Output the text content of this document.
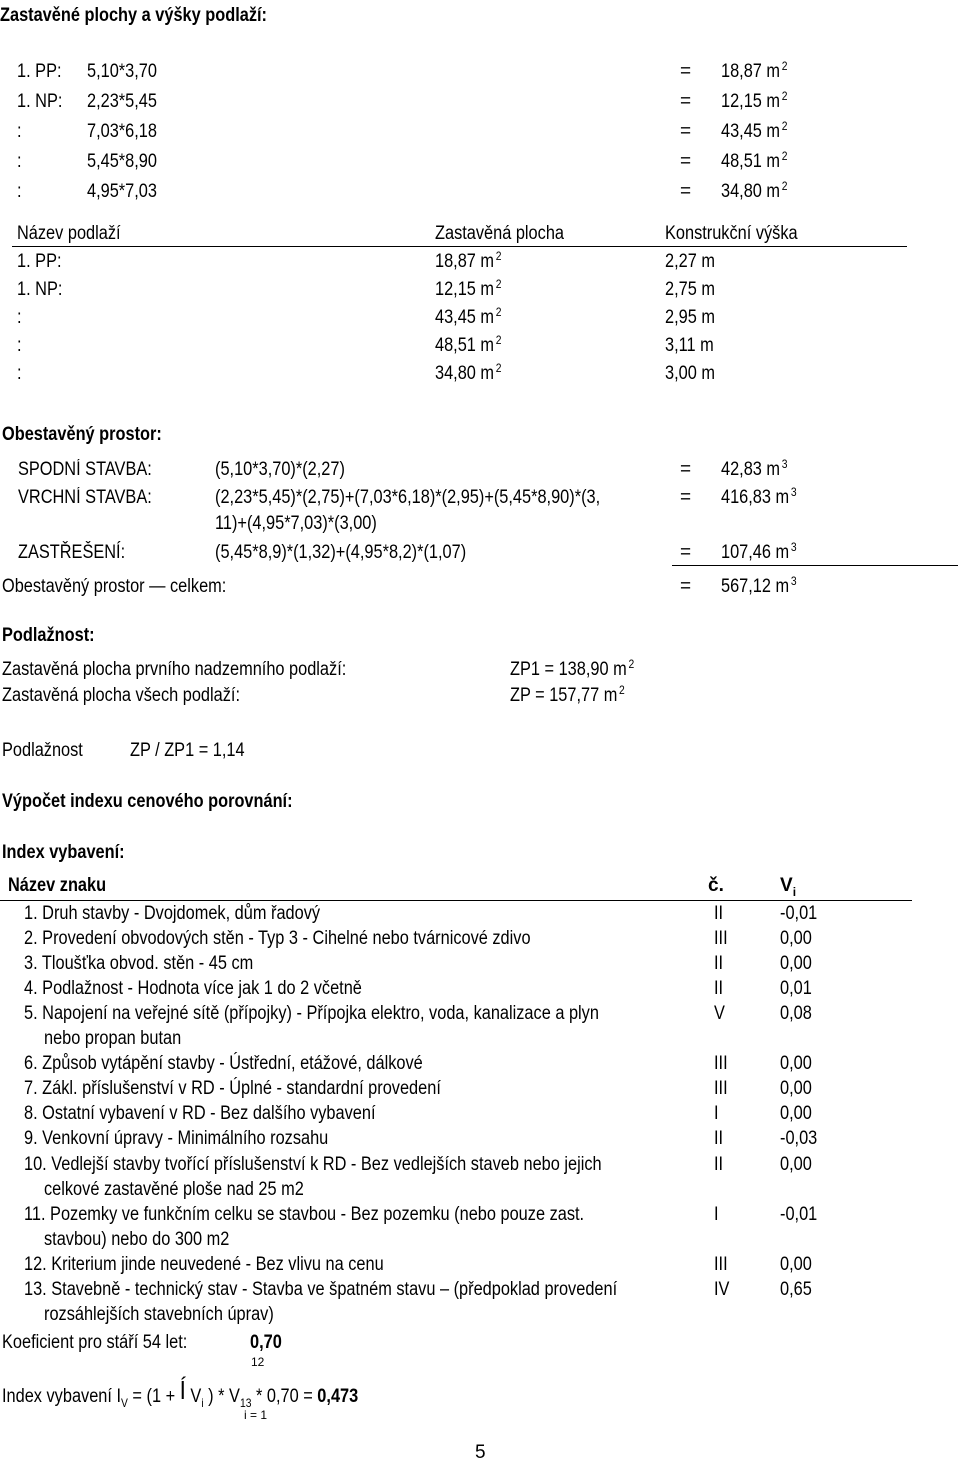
Zastavěné plochy a výšky podlaží:
1. PP:	5,10*3,70	= 18,87 m $^2$
1. NP:	2,23*5,45	= 12,15 m $^2$
:	7,03*6,18	= 43,45 m $^2$
:	5,45*8,90	= 48,51 m $^2$
:	4,95*7,03	= 34,80 m $^2$
Název podlaží	Zastavěná plocha	Konstrukční výška
1. PP:	18,87 m $^2$	2,27 m
1. NP:	12,15 m $^2$	2,75 m
:	43,45 m $^2$	2,95 m
:	48,51 m $^2$	3,11 m
:	34,80 m $^2$	3,00 m
Obestavěný prostor:
SPODNÍ STAVBA:	(5,10*3,70)*(2,27)	= 42,83 m $^3$
VRCHNÍ STAVBA:	(2,23*5,45)*(2,75)+(7,03*6,18)*(2,95)+(5,45*8,90)*(3,	= 416,83 m $^3$
11)+(4,95*7,03)*(3,00)
ZASTŘEŠENÍ:	(5,45*8,9)*(1,32)+(4,95*8,2)*(1,07)	= 107,46 m $^3$
Obestavěný prostor — celkem:	= 567,12 m $^3$
Podlažnost:
Zastavěná plocha prvního nadzemního podlaží:	ZP1 = 138,90 m $^2$
Zastavěná plocha všech podlaží:	ZP = 157,77 m $^2$
Podlažnost	ZP / ZP1 = 1,14
Výpočet indexu cenového porovnání:
Index vybavení:
Název znaku	č.	$V_i$
1. Druh stavby - Dvojdomek, dům řadový	II	-0,01
2. Provedení obvodových stěn - Typ 3 - Cihelné nebo tvárnicové zdivo	III	0,00
3. Tloušťka obvod. stěn - 45 cm	II	0,00
4. Podlažnost - Hodnota více jak 1 do 2 včetně	II	0,01
5. Napojení na veřejné sítě (přípojky) - Přípojka elektro, voda, kanalizace a plyn
nebo propan butan
V	0,08
6. Způsob vytápění stavby - Ústřední, etážové, dálkové	III	0,00
7. Zákl. příslušenství v RD - Úplné - standardní provedení	III	0,00
8. Ostatní vybavení v RD - Bez dalšího vybavení	I	0,00
9. Venkovní úpravy - Minimálního rozsahu	II	-0,03
10. Vedlejší stavby tvořící příslušenství k RD - Bez vedlejších staveb nebo jejich
celkové zastavěné ploše nad 25 m2
II	0,00
11. Pozemky ve funkčním celku se stavbou - Bez pozemku (nebo pouze zast.
stavbou) nebo do 300 m2
I	-0,01
12. Kriterium jinde neuvedené - Bez vlivu na cenu	III	0,00
13. Stavebně - technický stav - Stavba ve špatném stavu – (předpoklad provedení
rozsáhlejších stavebních úprav)
IV	0,65
Koeficient pro stáří 54 let:	0,70
12
Index vybavení $I_V = (1$ + Í $V_i$ ) * $V_{13} * 0,70 = 0,473$
i = 1
5
